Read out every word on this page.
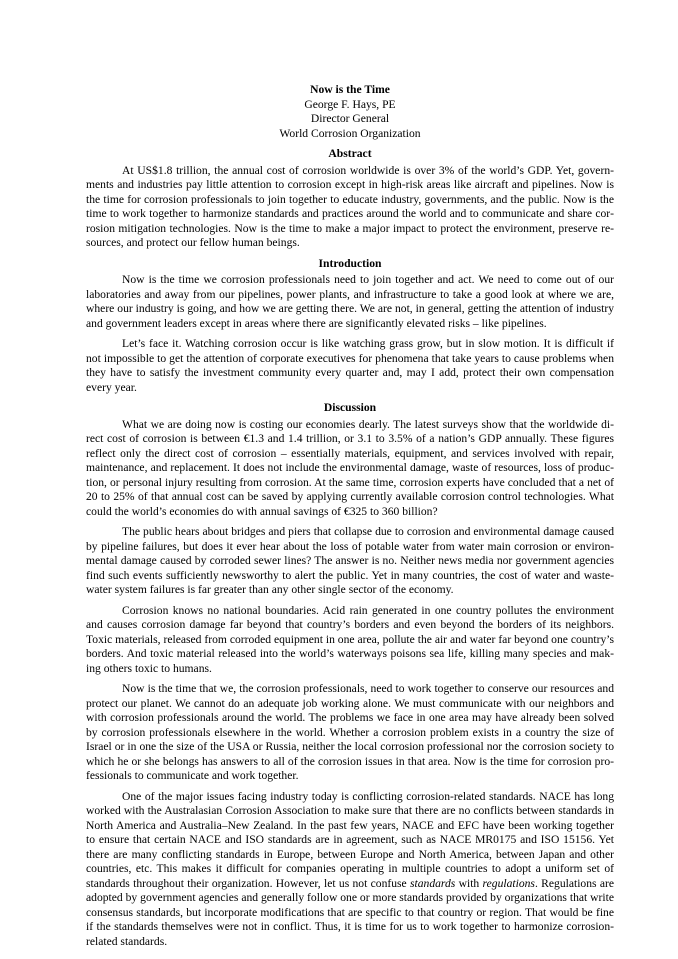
Now is the Time
George F. Hays, PE
Director General
World Corrosion Organization
Abstract

At US$1.8 trillion, the annual cost of corrosion worldwide is over 3% of the world’s GDP. Yet, governments and industries pay little attention to corrosion except in high-risk areas like aircraft and pipelines. Now is the time for corrosion professionals to join together to educate industry, governments, and the public. Now is the time to work together to harmonize standards and practices around the world and to communicate and share corrosion mitigation technologies. Now is the time to make a major impact to protect the environment, preserve resources, and protect our fellow human beings.

Introduction

Now is the time we corrosion professionals need to join together and act. We need to come out of our laboratories and away from our pipelines, power plants, and infrastructure to take a good look at where we are, where our industry is going, and how we are getting there. We are not, in general, getting the attention of industry and government leaders except in areas where there are significantly elevated risks – like pipelines.

Let’s face it. Watching corrosion occur is like watching grass grow, but in slow motion. It is difficult if not impossible to get the attention of corporate executives for phenomena that take years to cause problems when they have to satisfy the investment community every quarter and, may I add, protect their own compensation every year.

Discussion

What we are doing now is costing our economies dearly. The latest surveys show that the worldwide direct cost of corrosion is between €1.3 and 1.4 trillion, or 3.1 to 3.5% of a nation’s GDP annually. These figures reflect only the direct cost of corrosion – essentially materials, equipment, and services involved with repair, maintenance, and replacement. It does not include the environmental damage, waste of resources, loss of production, or personal injury resulting from corrosion. At the same time, corrosion experts have concluded that a net of 20 to 25% of that annual cost can be saved by applying currently available corrosion control technologies. What could the world’s economies do with annual savings of €325 to 360 billion?

The public hears about bridges and piers that collapse due to corrosion and environmental damage caused by pipeline failures, but does it ever hear about the loss of potable water from water main corrosion or environmental damage caused by corroded sewer lines? The answer is no. Neither news media nor government agencies find such events sufficiently newsworthy to alert the public. Yet in many countries, the cost of water and wastewater system failures is far greater than any other single sector of the economy.

Corrosion knows no national boundaries. Acid rain generated in one country pollutes the environment and causes corrosion damage far beyond that country’s borders and even beyond the borders of its neighbors. Toxic materials, released from corroded equipment in one area, pollute the air and water far beyond one country’s borders. And toxic material released into the world’s waterways poisons sea life, killing many species and making others toxic to humans.

Now is the time that we, the corrosion professionals, need to work together to conserve our resources and protect our planet. We cannot do an adequate job working alone. We must communicate with our neighbors and with corrosion professionals around the world. The problems we face in one area may have already been solved by corrosion professionals elsewhere in the world. Whether a corrosion problem exists in a country the size of Israel or in one the size of the USA or Russia, neither the local corrosion professional nor the corrosion society to which he or she belongs has answers to all of the corrosion issues in that area. Now is the time for corrosion professionals to communicate and work together.

One of the major issues facing industry today is conflicting corrosion-related standards. NACE has long worked with the Australasian Corrosion Association to make sure that there are no conflicts between standards in North America and Australia–New Zealand. In the past few years, NACE and EFC have been working together to ensure that certain NACE and ISO standards are in agreement, such as NACE MR0175 and ISO 15156. Yet there are many conflicting standards in Europe, between Europe and North America, between Japan and other countries, etc. This makes it difficult for companies operating in multiple countries to adopt a uniform set of standards throughout their organization. However, let us not confuse standards with regulations. Regulations are adopted by government agencies and generally follow one or more standards provided by organizations that write consensus standards, but incorporate modifications that are specific to that country or region. That would be fine if the standards themselves were not in conflict. Thus, it is time for us to work together to harmonize corrosion-related standards.
